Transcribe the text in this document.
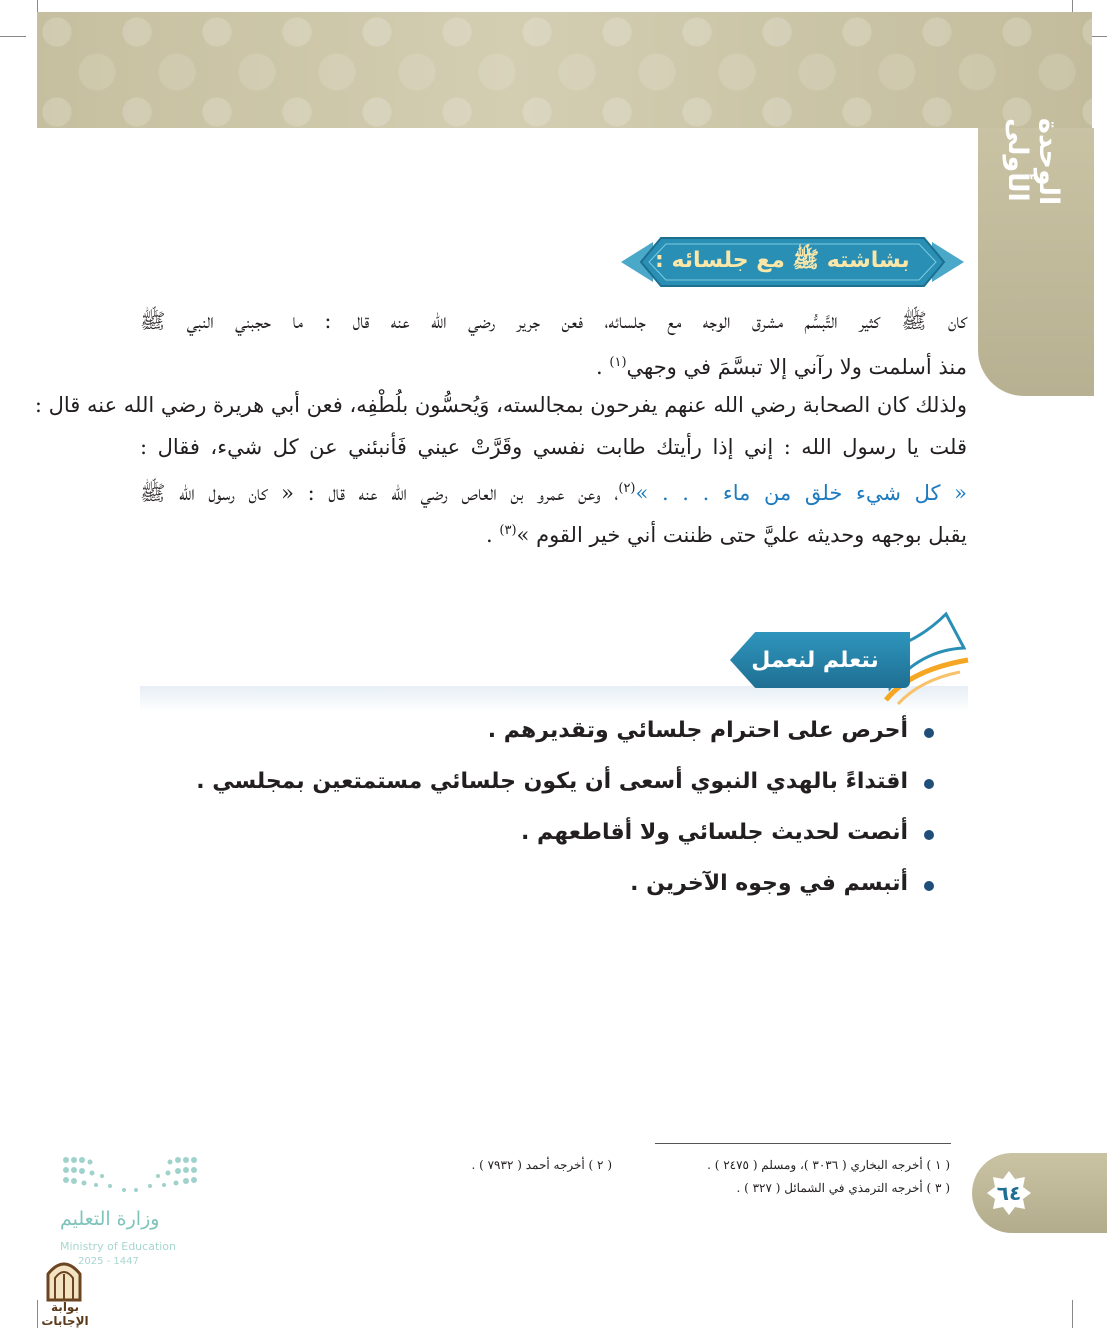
الوحدة الأولى
بشاشته ﷺ مع جلسائه :
كان ﷺ كثير التَّبسُّم مشرق الوجه مع جلسائه، فعن جرير رضي الله عنه قال : ما حجبني النبي ﷺ
منذ أسلمت ولا رآني إلا تبسَّمَ في وجهي$^{(١)}$ .
ولذلك كان الصحابة رضي الله عنهم يفرحون بمجالسته، وَيُحسُّون بلُطْفِه، فعن أبي هريرة رضي الله عنه قال :
قلت يا رسول الله : إني إذا رأيتك طابت نفسي وقَرَّتْ عيني فَأنبئني عن كل شيء، فقال :
« كل شيء خلق من ماء . . . »$^{(٢)}$، وعن عمرو بن العاص رضي الله عنه قال : « كان رسول الله ﷺ
يقبل بوجهه وحديثه عليَّ حتى ظننت أني خير القوم »$^{(٣)}$ .
نتعلم لنعمل
أحرص على احترام جلسائي وتقديرهم .
اقتداءً بالهدي النبوي أسعى أن يكون جلسائي مستمتعين بمجلسي .
أنصت لحديث جلسائي ولا أقاطعهم .
أتبسم في وجوه الآخرين .
( ١ ) أخرجه البخاري ( ٣٠٣٦ )، ومسلم ( ٢٤٧٥ ) .
( ٢ ) أخرجه أحمد ( ٧٩٣٢ ) .
( ٣ ) أخرجه الترمذي في الشمائل ( ٣٢٧ ) .	٦٤
وزارة التعليم
Ministry of Education
2025 - 1447
بوابة الإجابات
